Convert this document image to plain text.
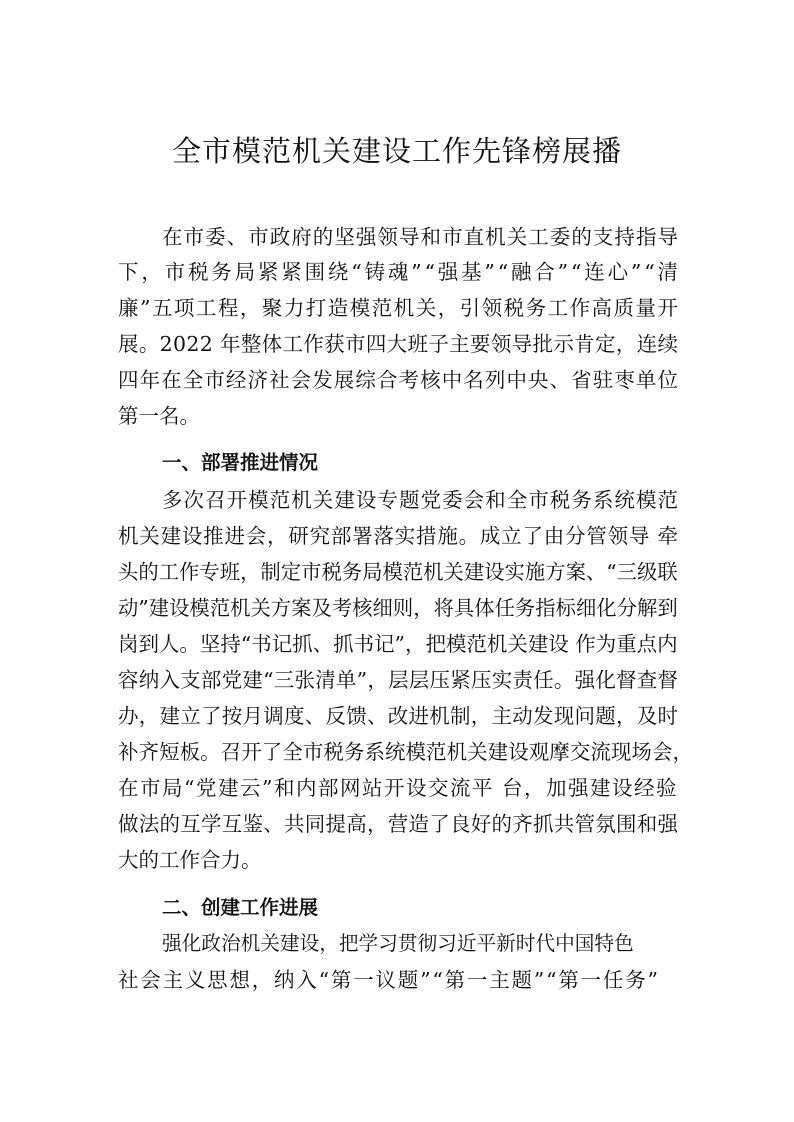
全市模范机关建设工作先锋榜展播
在市委、市政府的坚强领导和市直机关工委的支持指导
下，市税务局紧紧围绕“铸魂”“强基”“融合”“连心”“清
廉”五项工程，聚力打造模范机关，引领税务工作高质量开
展。2022 年整体工作获市四大班子主要领导批示肯定，连续
四年在全市经济社会发展综合考核中名列中央、省驻枣单位
第一名。
一、部署推进情况
多次召开模范机关建设专题党委会和全市税务系统模范
机关建设推进会，研究部署落实措施。成立了由分管领导 牵
头的工作专班，制定市税务局模范机关建设实施方案、“三级联
动”建设模范机关方案及考核细则，将具体任务指标细化分解到
岗到人。坚持“书记抓、抓书记”，把模范机关建设 作为重点内
容纳入支部党建“三张清单”，层层压紧压实责任。强化督查督
办，建立了按月调度、反馈、改进机制，主动发现问题，及时
补齐短板。召开了全市税务系统模范机关建设观摩交流现场会，
在市局“党建云”和内部网站开设交流平 台，加强建设经验
做法的互学互鉴、共同提高，营造了良好的齐抓共管氛围和强
大的工作合力。
二、创建工作进展
强化政治机关建设，把学习贯彻习近平新时代中国特色
社会主义思想，纳入“第一议题”“第一主题”“第一任务”
